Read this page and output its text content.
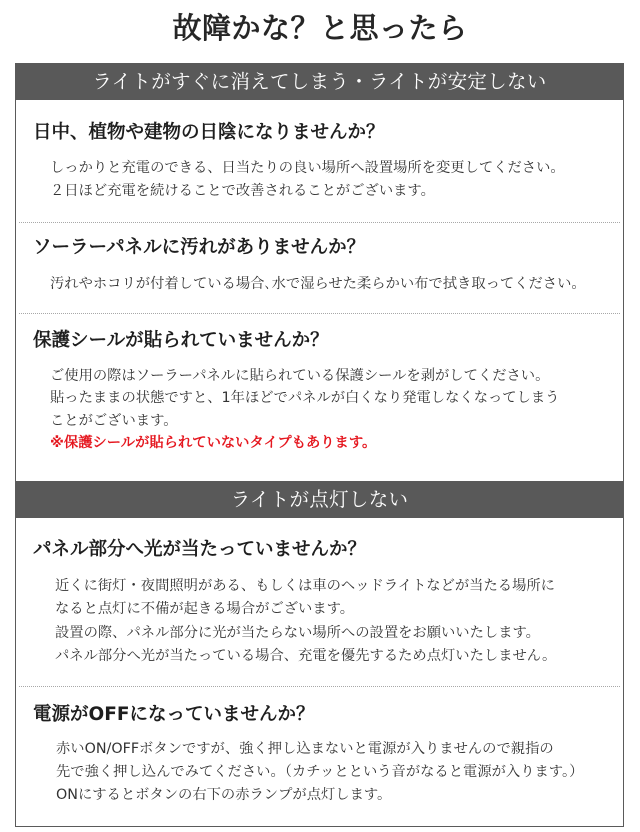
故障かな？と思ったら
ライトがすぐに消えてしまう・ライトが安定しない
日中、植物や建物の日陰になりませんか？
しっかりと充電のできる、日当たりの良い場所へ設置場所を変更してください。
２日ほど充電を続けることで改善されることがございます。
ソーラーパネルに汚れがありませんか？
汚れやホコリが付着している場合､水で湿らせた柔らかい布で拭き取ってください。
保護シールが貼られていませんか？
ご使用の際はソーラーパネルに貼られている保護シールを剥がしてください。
貼ったままの状態ですと、1年ほどでパネルが白くなり発電しなくなってしまう
ことがございます。
※保護シールが貼られていないタイプもあります。
ライトが点灯しない
パネル部分へ光が当たっていませんか？
近くに街灯・夜間照明がある、もしくは車のヘッドライトなどが当たる場所に
なると点灯に不備が起きる場合がございます。
設置の際、パネル部分に光が当たらない場所への設置をお願いいたします。
パネル部分へ光が当たっている場合、充電を優先するため点灯いたしません。
電源がOFFになっていませんか？
赤いON/OFFボタンですが、強く押し込まないと電源が入りませんので親指の
先で強く押し込んでみてください。（カチッとという音がなると電源が入ります。）
ONにするとボタンの右下の赤ランプが点灯します。
